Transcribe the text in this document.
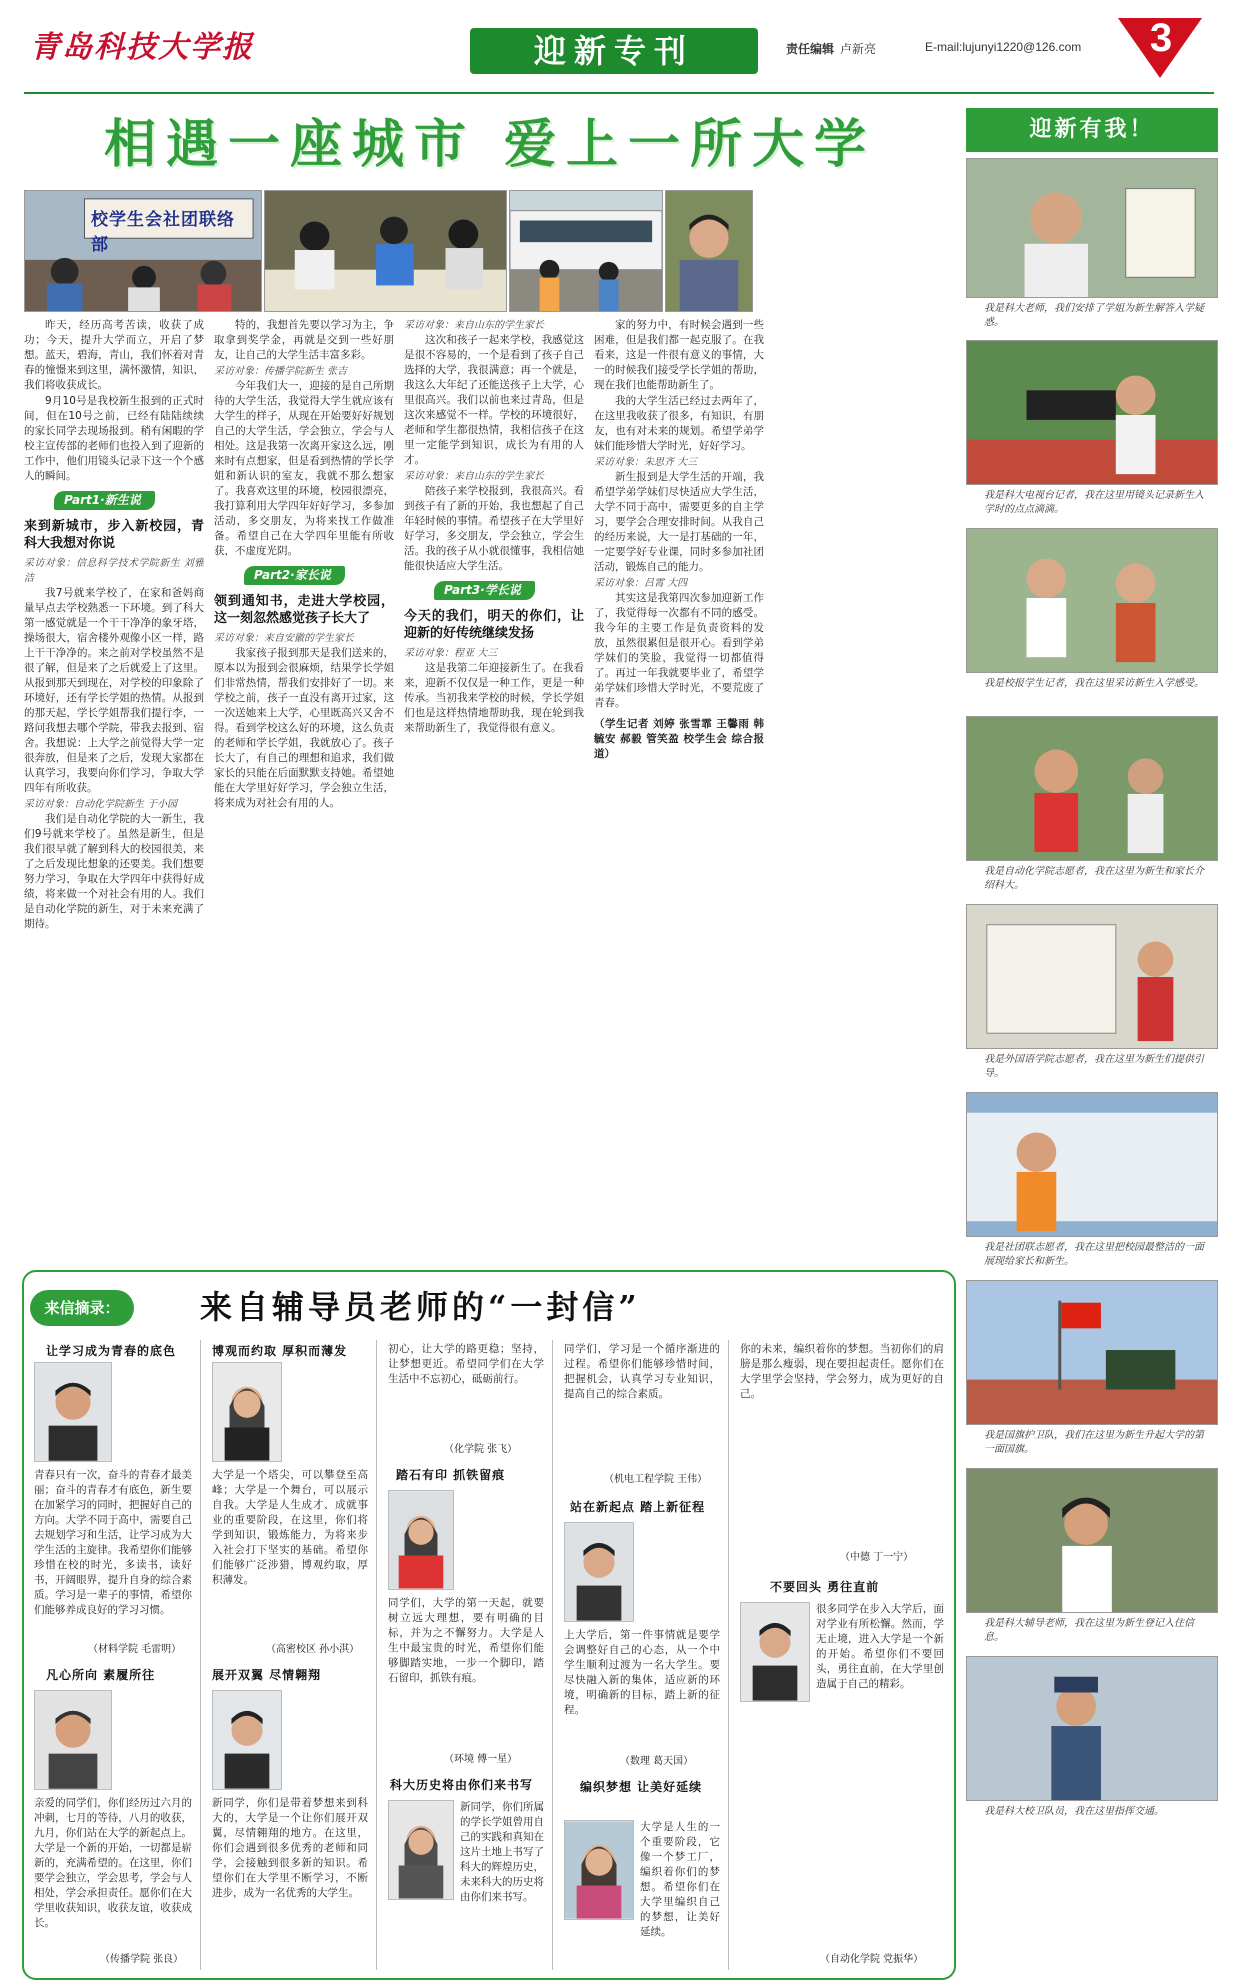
青岛科技大学报	迎新专刊	责任编辑 卢新亮	E-mail:lujunyi1220@126.com 3
相遇一座城市 爱上一所大学
校学生会社团联络部

昨天，经历高考苦读，收获了成功；今天，提升大学而立，开启了梦想。蓝天，碧海，青山，我们怀着对青春的憧憬来到这里，满怀激情，知识，我们将收获成长。

9月10号是我校新生报到的正式时间，但在10号之前，已经有陆陆续续的家长同学去现场报到。稍有闲暇的学校主宣传部的老师们也投入到了迎新的工作中，他们用镜头记录下这一个个感人的瞬间。

Part1·新生说
来到新城市，步入新校园，青科大我想对你说
采访对象：信息科学技术学院新生 刘雅洁

我7号就来学校了，在家和爸妈商量早点去学校熟悉一下环境。到了科大第一感觉就是一个干干净净的象牙塔，操场很大，宿舍楼外观像小区一样，路上干干净净的。来之前对学校虽然不是很了解，但是来了之后就爱上了这里。从报到那天到现在，对学校的印象除了环境好，还有学长学姐的热情。从报到的那天起，学长学姐帮我们提行李，一路问我想去哪个学院，带我去报到、宿舍。我想说：上大学之前觉得大学一定很奔放，但是来了之后，发现大家都在认真学习，我要向你们学习，争取大学四年有所收获。

采访对象：自动化学院新生 于小园

我们是自动化学院的大一新生，我们9号就来学校了。虽然是新生，但是我们很早就了解到科大的校园很美，来了之后发现比想象的还要美。我们想要努力学习，争取在大学四年中获得好成绩，将来做一个对社会有用的人。我们是自动化学院的新生，对于未来充满了期待。

特的，我想首先要以学习为主，争取拿到奖学金，再就是交到一些好朋友，让自己的大学生活丰富多彩。

采访对象：传播学院新生 张吉

今年我们大一，迎接的是自己所期待的大学生活，我觉得大学生就应该有大学生的样子，从现在开始要好好规划自己的大学生活，学会独立，学会与人相处。这是我第一次离开家这么远，刚来时有点想家，但是看到热情的学长学姐和新认识的室友，我就不那么想家了。我喜欢这里的环境，校园很漂亮，我打算利用大学四年好好学习，多参加活动，多交朋友，为将来找工作做准备。希望自己在大学四年里能有所收获，不虚度光阴。

Part2·家长说
领到通知书，走进大学校园，这一刻忽然感觉孩子长大了
采访对象：来自安徽的学生家长

我家孩子报到那天是我们送来的，原本以为报到会很麻烦，结果学长学姐们非常热情，帮我们安排好了一切。来学校之前，孩子一直没有离开过家，这一次送她来上大学，心里既高兴又舍不得。看到学校这么好的环境，这么负责的老师和学长学姐，我就放心了。孩子长大了，有自己的理想和追求，我们做家长的只能在后面默默支持她。希望她能在大学里好好学习，学会独立生活，将来成为对社会有用的人。

采访对象：来自山东的学生家长

这次和孩子一起来学校，我感觉这是很不容易的，一个是看到了孩子自己选择的大学，我很满意；再一个就是，我这么大年纪了还能送孩子上大学，心里很高兴。我们以前也来过青岛，但是这次来感觉不一样。学校的环境很好，老师和学生都很热情，我相信孩子在这里一定能学到知识，成长为有用的人才。

采访对象：来自山东的学生家长

陪孩子来学校报到，我很高兴。看到孩子有了新的开始，我也想起了自己年轻时候的事情。希望孩子在大学里好好学习，多交朋友，学会独立，学会生活。我的孩子从小就很懂事，我相信她能很快适应大学生活。

Part3·学长说
今天的我们，明天的你们，让迎新的好传统继续发扬
采访对象：程亚 大三

这是我第二年迎接新生了。在我看来，迎新不仅仅是一种工作，更是一种传承。当初我来学校的时候，学长学姐们也是这样热情地帮助我，现在轮到我来帮助新生了，我觉得很有意义。

家的努力中，有时候会遇到一些困难，但是我们都一起克服了。在我看来，这是一件很有意义的事情，大一的时候我们接受学长学姐的帮助，现在我们也能帮助新生了。

我的大学生活已经过去两年了，在这里我收获了很多，有知识，有朋友，也有对未来的规划。希望学弟学妹们能珍惜大学时光，好好学习。

采访对象：朱思齐 大三

新生报到是大学生活的开端，我希望学弟学妹们尽快适应大学生活，大学不同于高中，需要更多的自主学习，要学会合理安排时间。从我自己的经历来说，大一是打基础的一年，一定要学好专业课，同时多参加社团活动，锻炼自己的能力。

采访对象：吕霄 大四

其实这是我第四次参加迎新工作了，我觉得每一次都有不同的感受。我今年的主要工作是负责资料的发放，虽然很累但是很开心。看到学弟学妹们的笑脸，我觉得一切都值得了。再过一年我就要毕业了，希望学弟学妹们珍惜大学时光，不要荒废了青春。

（学生记者 刘婷 张雪霏 王馨雨 韩毓安 郝毅 管笑盈 校学生会 综合报道）

迎新有我！
我是科大老师，我们安排了学姐为新生解答入学疑惑。
我是科大电视台记者，我在这里用镜头记录新生入学时的点点滴滴。
我是校报学生记者，我在这里采访新生入学感受。
我是自动化学院志愿者，我在这里为新生和家长介绍科大。
我是外国语学院志愿者，我在这里为新生们提供引导。
我是社团联志愿者，我在这里把校园最整洁的一面展现给家长和新生。
我是国旗护卫队，我们在这里为新生升起大学的第一面国旗。
我是科大辅导老师，我在这里为新生登记入住信息。
我是科大校卫队员，我在这里指挥交通。
来信摘录：	来自辅导员老师的“一封信”
让学习成为青春的底色
青春只有一次，奋斗的青春才最美丽；奋斗的青春才有底色，新生要在加紧学习的同时，把握好自己的方向。大学不同于高中，需要自己去规划学习和生活，让学习成为大学生活的主旋律。我希望你们能够珍惜在校的时光，多读书，读好书，开阔眼界，提升自身的综合素质。学习是一辈子的事情，希望你们能够养成良好的学习习惯。
（材料学院 毛雷明）
凡心所向 素履所往
亲爱的同学们，你们经历过六月的冲刺，七月的等待，八月的收获，九月，你们站在大学的新起点上。大学是一个新的开始，一切都是崭新的，充满希望的。在这里，你们要学会独立，学会思考，学会与人相处，学会承担责任。愿你们在大学里收获知识，收获友谊，收获成长。
（传播学院 张良）
博观而约取 厚积而薄发
大学是一个塔尖，可以攀登至高峰；大学是一个舞台，可以展示自我。大学是人生成才、成就事业的重要阶段，在这里，你们将学到知识，锻炼能力，为将来步入社会打下坚实的基础。希望你们能够广泛涉猎，博观约取，厚积薄发。
（高密校区 孙小淇）
展开双翼 尽情翱翔
新同学，你们是带着梦想来到科大的，大学是一个让你们展开双翼，尽情翱翔的地方。在这里，你们会遇到很多优秀的老师和同学，会接触到很多新的知识。希望你们在大学里不断学习，不断进步，成为一名优秀的大学生。
初心，让大学的路更稳；坚持，让梦想更近。希望同学们在大学生活中不忘初心，砥砺前行。
（化学院 张飞）
踏石有印 抓铁留痕
同学们，大学的第一天起，就要树立远大理想，要有明确的目标，并为之不懈努力。大学是人生中最宝贵的时光，希望你们能够脚踏实地，一步一个脚印，踏石留印，抓铁有痕。
（环境 傅一星）
科大历史将由你们来书写
新同学，你们所属的学长学姐曾用自己的实践和真知在这片土地上书写了科大的辉煌历史，未来科大的历史将由你们来书写。
同学们，学习是一个循序渐进的过程。希望你们能够珍惜时间，把握机会，认真学习专业知识，提高自己的综合素质。
（机电工程学院 王伟）
站在新起点 踏上新征程
上大学后，第一件事情就是要学会调整好自己的心态，从一个中学生顺利过渡为一名大学生。要尽快融入新的集体，适应新的环境，明确新的目标，踏上新的征程。
（数理 葛天国）
编织梦想 让美好延续
大学是人生的一个重要阶段，它像一个梦工厂，编织着你们的梦想。希望你们在大学里编织自己的梦想，让美好延续。
你的未来，编织着你的梦想。当初你们的肩膀是那么瘦弱，现在要担起责任。愿你们在大学里学会坚持，学会努力，成为更好的自己。
（中德 丁一宁）
不要回头 勇往直前
很多同学在步入大学后，面对学业有所松懈。然而，学无止境，进入大学是一个新的开始。希望你们不要回头，勇往直前，在大学里创造属于自己的精彩。
（自动化学院 党振华）
